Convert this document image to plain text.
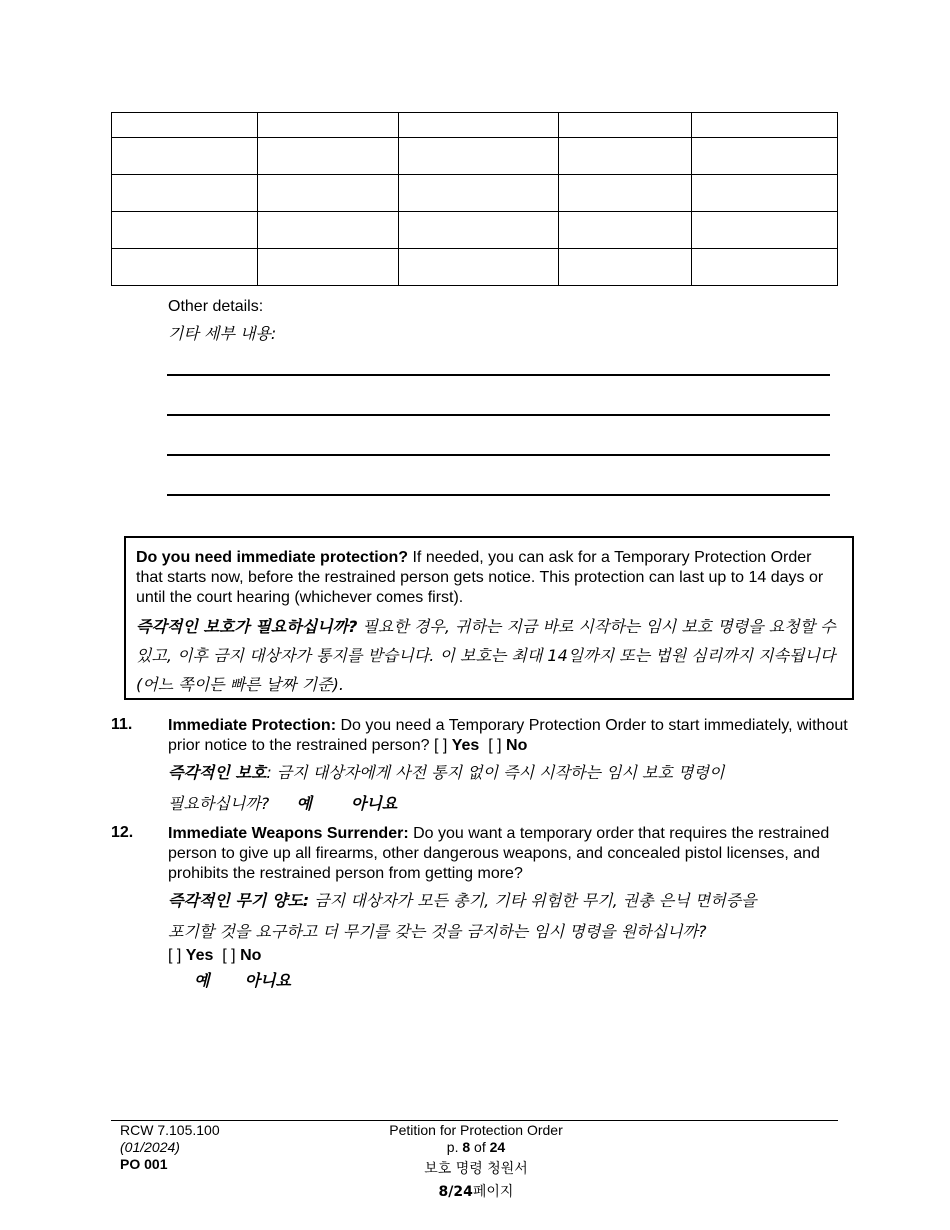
Other details:
기타 세부 내용:
Do you need immediate protection? If needed, you can ask for a Temporary Protection Order that starts now, before the restrained person gets notice. This protection can last up to 14 days or until the court hearing (whichever comes first).
즉각적인 보호가 필요하십니까? 필요한 경우, 귀하는 지금 바로 시작하는 임시 보호 명령을 요청할 수 있고, 이후 금지 대상자가 통지를 받습니다. 이 보호는 최대 14일까지 또는 법원 심리까지 지속됩니다(어느 쪽이든 빠른 날짜 기준).
11. Immediate Protection: Do you need a Temporary Protection Order to start immediately, without prior notice to the restrained person? [ ] Yes [ ] No
즉각적인 보호: 금지 대상자에게 사전 통지 없이 즉시 시작하는 임시 보호 명령이
필요하십니까? 예 아니요
12. Immediate Weapons Surrender: Do you want a temporary order that requires the restrained person to give up all firearms, other dangerous weapons, and concealed pistol licenses, and prohibits the restrained person from getting more?
즉각적인 무기 양도: 금지 대상자가 모든 총기, 기타 위험한 무기, 권총 은닉 면허증을
포기할 것을 요구하고 더 무기를 갖는 것을 금지하는 임시 명령을 원하십니까?
[ ] Yes [ ] No
예 아니요
RCW 7.105.100
(01/2024)
PO 001
Petition for Protection Order
p. 8 of 24
보호 명령 청원서
8/24페이지
